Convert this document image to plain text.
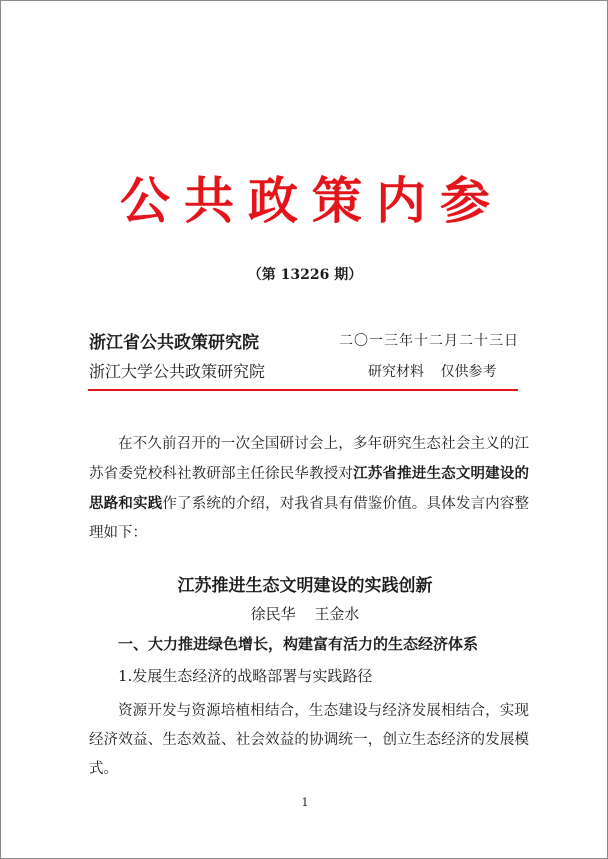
公共政策内参
（第 13226 期）
浙江省公共政策研究院	二〇一三年十二月二十三日
浙江大学公共政策研究院	研究材料 仅供参考
在不久前召开的一次全国研讨会上，多年研究生态社会主义的江苏省委党校科社教研部主任徐民华教授对江苏省推进生态文明建设的思路和实践作了系统的介绍，对我省具有借鉴价值。具体发言内容整理如下：
江苏推进生态文明建设的实践创新
徐民华 王金水
一、大力推进绿色增长，构建富有活力的生态经济体系
1.发展生态经济的战略部署与实践路径
资源开发与资源培植相结合，生态建设与经济发展相结合，实现经济效益、生态效益、社会效益的协调统一，创立生态经济的发展模式。
1
